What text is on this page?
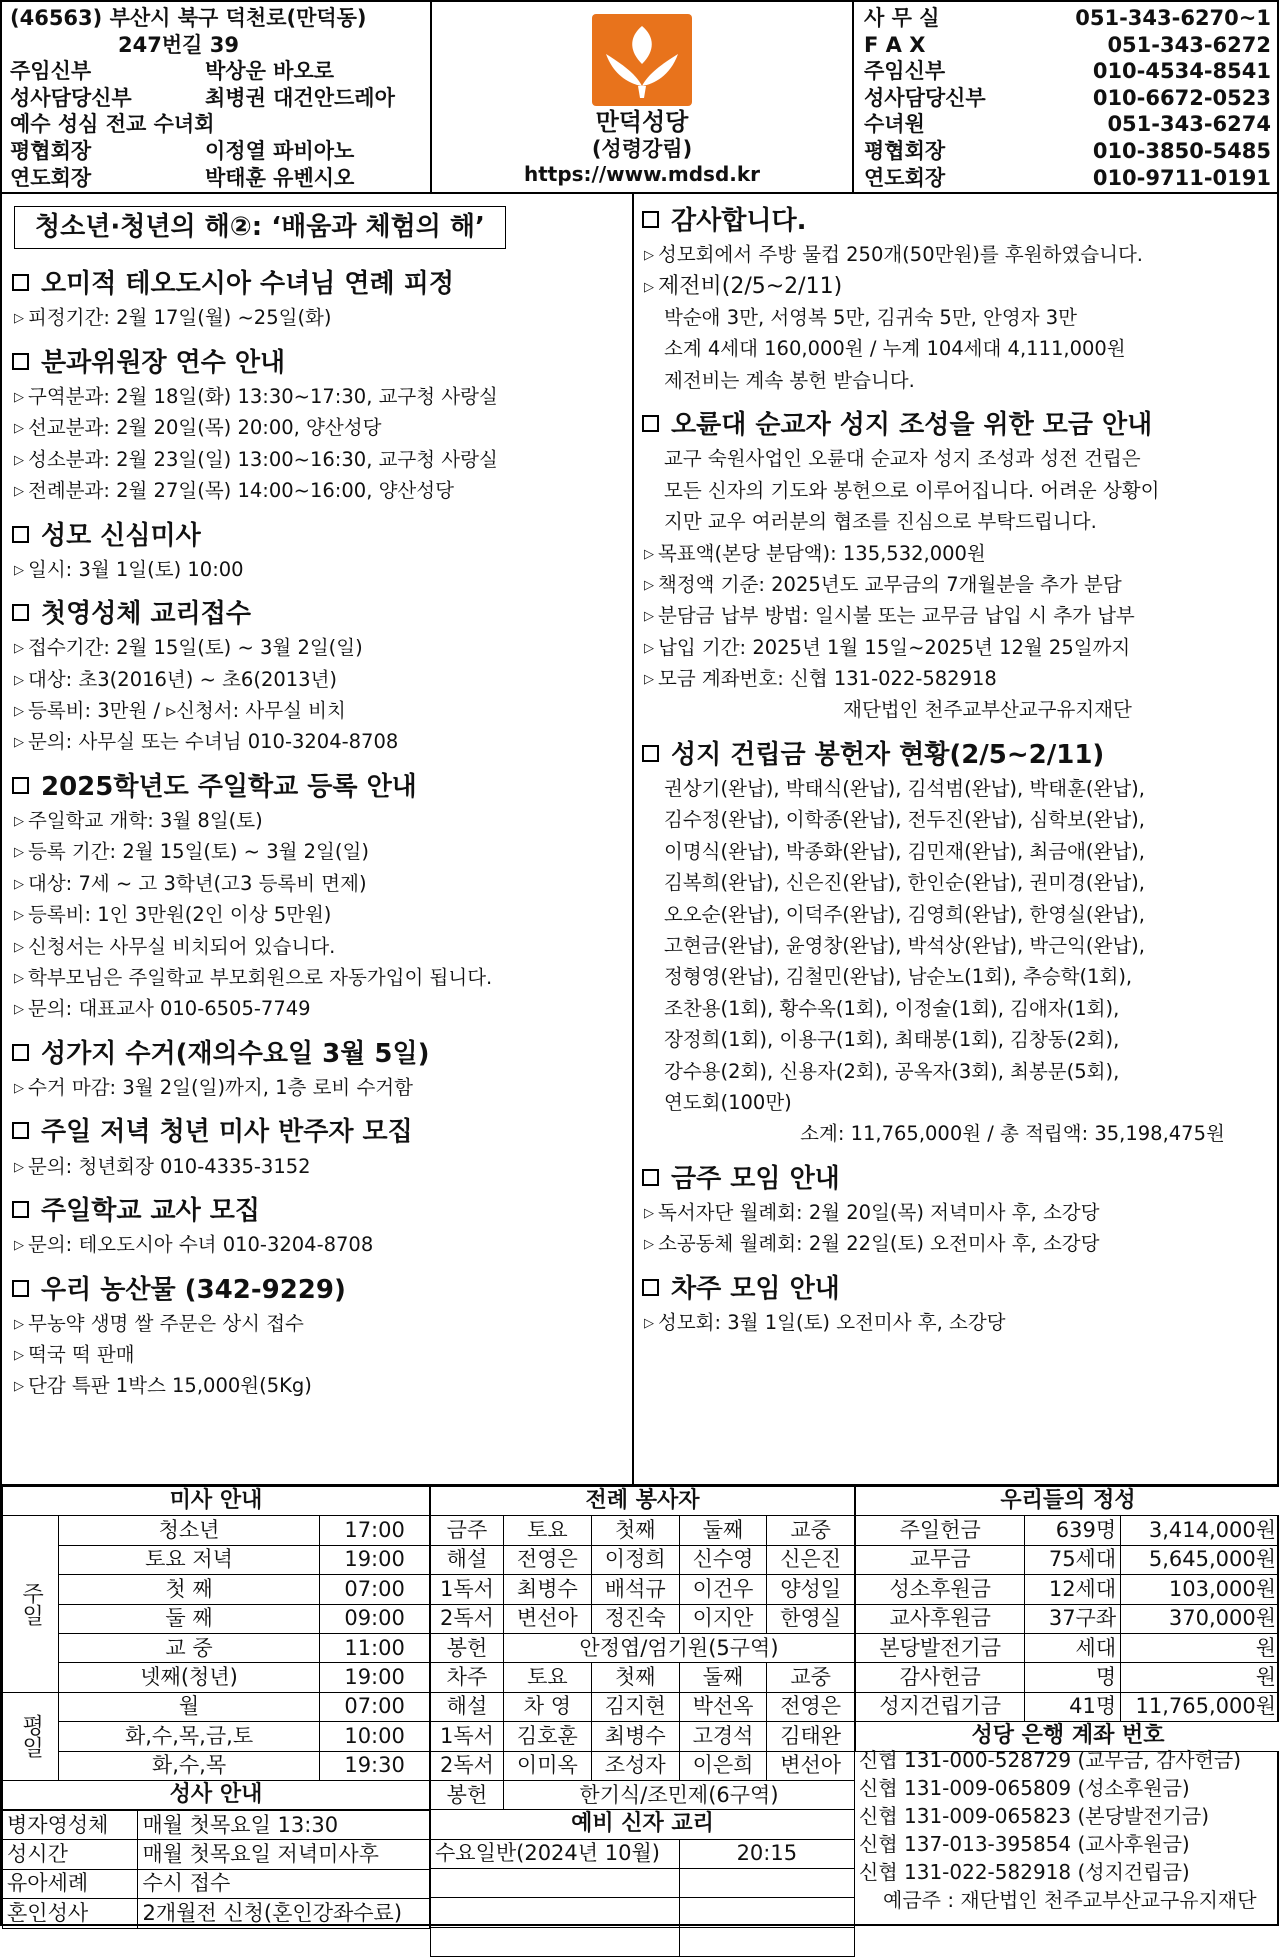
(46563) 부산시 북구 덕천로(만덕동)
247번길 39
주임신부	박상운 바오로
성사담당신부	최병권 대건안드레아
예수 성심 전교 수녀회
평협회장	이정열 파비아노
연도회장	박태훈 유벤시오
만덕성당
(성령강림)
https://www.mdsd.kr
사 무 실	051-343-6270~1
F A X	051-343-6272
주임신부	010-4534-8541
성사담당신부	010-6672-0523
수녀원	051-343-6274
평협회장	010-3850-5485
연도회장	010-9711-0191
청소년·청년의 해②: ‘배움과 체험의 해’
오미적 테오도시아 수녀님 연례 피정
▷ 피정기간: 2월 17일(월) ~25일(화)
분과위원장 연수 안내
▷ 구역분과: 2월 18일(화) 13:30~17:30, 교구청 사랑실
▷ 선교분과: 2월 20일(목) 20:00, 양산성당
▷ 성소분과: 2월 23일(일) 13:00~16:30, 교구청 사랑실
▷ 전례분과: 2월 27일(목) 14:00~16:00, 양산성당
성모 신심미사
▷ 일시: 3월 1일(토) 10:00
첫영성체 교리접수
▷ 접수기간: 2월 15일(토) ~ 3월 2일(일)
▷ 대상: 초3(2016년) ~ 초6(2013년)
▷ 등록비: 3만원 / ▹신청서: 사무실 비치
▷ 문의: 사무실 또는 수녀님 010-3204-8708
2025학년도 주일학교 등록 안내
▷ 주일학교 개학: 3월 8일(토)
▷ 등록 기간: 2월 15일(토) ~ 3월 2일(일)
▷ 대상: 7세 ~ 고 3학년(고3 등록비 면제)
▷ 등록비: 1인 3만원(2인 이상 5만원)
▷ 신청서는 사무실 비치되어 있습니다.
▷ 학부모님은 주일학교 부모회원으로 자동가입이 됩니다.
▷ 문의: 대표교사 010-6505-7749
성가지 수거(재의수요일 3월 5일)
▷ 수거 마감: 3월 2일(일)까지, 1층 로비 수거함
주일 저녁 청년 미사 반주자 모집
▷ 문의: 청년회장 010-4335-3152
주일학교 교사 모집
▷ 문의: 테오도시아 수녀 010-3204-8708
우리 농산물 (342-9229)
▷ 무농약 생명 쌀 주문은 상시 접수
▷ 떡국 떡 판매
▷ 단감 특판 1박스 15,000원(5Kg)
감사합니다.
▷ 성모회에서 주방 물컵 250개(50만원)를 후원하였습니다.
▷ 제전비(2/5~2/11)
박순애 3만, 서영복 5만, 김귀숙 5만, 안영자 3만
소계 4세대 160,000원 / 누계 104세대 4,111,000원
제전비는 계속 봉헌 받습니다.
오륜대 순교자 성지 조성을 위한 모금 안내
교구 숙원사업인 오륜대 순교자 성지 조성과 성전 건립은
모든 신자의 기도와 봉헌으로 이루어집니다. 어려운 상황이
지만 교우 여러분의 협조를 진심으로 부탁드립니다.
▷ 목표액(본당 분담액): 135,532,000원
▷ 책정액 기준: 2025년도 교무금의 7개월분을 추가 분담
▷ 분담금 납부 방법: 일시불 또는 교무금 납입 시 추가 납부
▷ 납입 기간: 2025년 1월 15일~2025년 12월 25일까지
▷ 모금 계좌번호: 신협 131-022-582918
재단법인 천주교부산교구유지재단
성지 건립금 봉헌자 현황(2/5~2/11)
권상기(완납), 박태식(완납), 김석범(완납), 박태훈(완납),
김수정(완납), 이학종(완납), 전두진(완납), 심학보(완납),
이명식(완납), 박종화(완납), 김민재(완납), 최금애(완납),
김복희(완납), 신은진(완납), 한인순(완납), 권미경(완납),
오오순(완납), 이덕주(완납), 김영희(완납), 한영실(완납),
고현금(완납), 윤영창(완납), 박석상(완납), 박근익(완납),
정형영(완납), 김철민(완납), 남순노(1회), 추승학(1회),
조찬용(1회), 황수옥(1회), 이정술(1회), 김애자(1회),
장정희(1회), 이용구(1회), 최태봉(1회), 김창동(2회),
강수용(2회), 신용자(2회), 공옥자(3회), 최봉문(5회),
연도회(100만)
소계: 11,765,000원 / 총 적립액: 35,198,475원
금주 모임 안내
▷ 독서자단 월례회: 2월 20일(목) 저녁미사 후, 소강당
▷ 소공동체 월례회: 2월 22일(토) 오전미사 후, 소강당
차주 모임 안내
▷ 성모회: 3월 1일(토) 오전미사 후, 소강당
미사 안내		
주일	청소년	17:00
	토요 저녁	19:00
	첫 째	07:00
	둘 째	09:00
	교 중	11:00
	넷째(청년)	19:00
평일	월	07:00
	화,수,목,금,토	10:00
	화,수,목	19:30
성사 안내		
병자영성체	매월 첫목요일 13:30
성시간	매월 첫목요일 저녁미사후
유아세례	수시 접수
혼인성사	2개월전 신청(혼인강좌수료)
전례 봉사자				
금주	토요	첫째	둘째	교중
해설	전영은	이정희	신수영	신은진
1독서	최병수	배석규	이건우	양성일
2독서	변선아	정진숙	이지안	한영실
봉헌	안정엽/엄기원(5구역)			
차주	토요	첫째	둘째	교중
해설	차 영	김지현	박선옥	전영은
1독서	김호훈	최병수	고경석	김태완
2독서	이미옥	조성자	이은희	변선아
봉헌	한기식/조민제(6구역)			
예비 신자 교리				
수요일반(2024년 10월)			20:15	

우리들의 정성		
주일헌금	639명	3,414,000원
교무금	75세대	5,645,000원
성소후원금	12세대	103,000원
교사후원금	37구좌	370,000원
본당발전기금	세대	원
감사헌금	명	원
성지건립기금	41명	11,765,000원
성당 은행 계좌 번호		
신협 131-000-528729 (교무금, 감사헌금)
신협 131-009-065809 (성소후원금)
신협 131-009-065823 (본당발전기금)
신협 137-013-395854 (교사후원금)
신협 131-022-582918 (성지건립금)
예금주 : 재단법인 천주교부산교구유지재단
